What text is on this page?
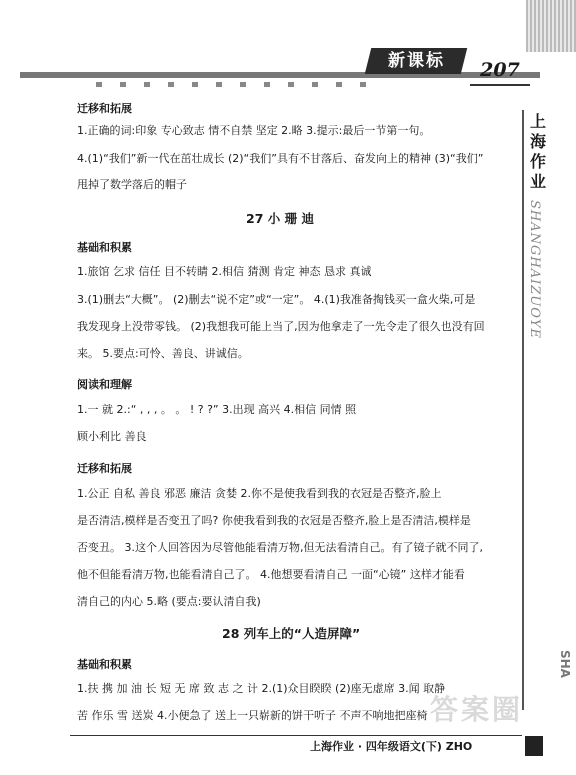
新课标	207
上海作业
SHANGHAIZUOYE
SHA
迁移和拓展
1.正确的词:印象 专心致志 情不自禁 坚定 2.略 3.提示:最后一节第一句。
4.(1)“我们”新一代在茁壮成长 (2)“我们”具有不甘落后、奋发向上的精神 (3)“我们”
甩掉了数学落后的帽子
27 小 珊 迪
基础和积累
1.旅馆 乞求 信任 目不转睛 2.相信 猜测 肯定 神态 恳求 真诚
3.(1)删去“大概”。 (2)删去“说不定”或“一定”。 4.(1)我准备掏钱买一盒火柴,可是
我发现身上没带零钱。 (2)我想我可能上当了,因为他拿走了一先令走了很久也没有回
来。 5.要点:可怜、善良、讲诚信。
阅读和理解
1.一 就 2.:“ , , , 。 。 ! ? ?” 3.出现 高兴 4.相信 同情 照
顾小利比 善良
迁移和拓展
1.公正 自私 善良 邪恶 廉洁 贪婪 2.你不是使我看到我的衣冠是否整齐,脸上
是否清洁,模样是否变丑了吗? 你使我看到我的衣冠是否整齐,脸上是否清洁,模样是
否变丑。 3.这个人回答因为尽管他能看清万物,但无法看清自己。有了镜子就不同了,
他不但能看清万物,也能看清自己了。 4.他想要看清自己 一面“心镜” 这样才能看
清自己的内心 5.略 (要点:要认清自我)
28 列车上的“人造屏障”
基础和积累
1.扶 携 加 油 长 短 无 席 致 志 之 计 2.(1)众目睽睽 (2)座无虚席 3.闻 取静
苦 作乐 雪 送炭 4.小便急了 送上一只崭新的饼干听子 不声不响地把座椅 答案圈
上海作业 · 四年级语文(下) ZHO
